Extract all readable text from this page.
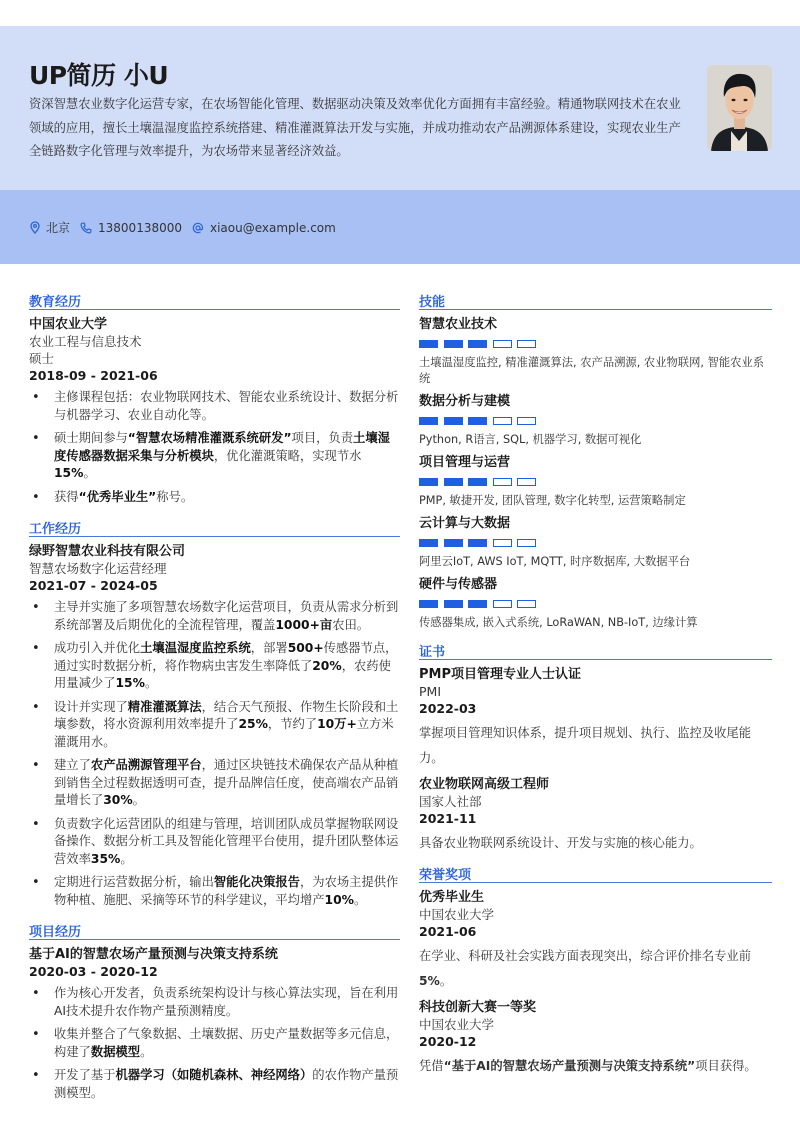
UP简历 小U
资深智慧农业数字化运营专家，在农场智能化管理、数据驱动决策及效率优化方面拥有丰富经验。精通物联网技术在农业领域的应用，擅长土壤温湿度监控系统搭建、精准灌溉算法开发与实施，并成功推动农产品溯源体系建设，实现农业生产全链路数字化管理与效率提升，为农场带来显著经济效益。
北京 13800138000 xiaou@example.com
教育经历
中国农业大学
农业工程与信息技术
硕士
2018-09 - 2021-06
• 主修课程包括：农业物联网技术、智能农业系统设计、数据分析与机器学习、农业自动化等。
• 硕士期间参与“智慧农场精准灌溉系统研发”项目，负责土壤湿度传感器数据采集与分析模块，优化灌溉策略，实现节水15%。
• 获得“优秀毕业生”称号。
工作经历
绿野智慧农业科技有限公司
智慧农场数字化运营经理
2021-07 - 2024-05
• 主导并实施了多项智慧农场数字化运营项目，负责从需求分析到系统部署及后期优化的全流程管理，覆盖1000+亩农田。
• 成功引入并优化土壤温湿度监控系统，部署500+传感器节点，通过实时数据分析，将作物病虫害发生率降低了20%，农药使用量减少了15%。
• 设计并实现了精准灌溉算法，结合天气预报、作物生长阶段和土壤参数，将水资源利用效率提升了25%，节约了10万+立方米灌溉用水。
• 建立了农产品溯源管理平台，通过区块链技术确保农产品从种植到销售全过程数据透明可查，提升品牌信任度，使高端农产品销量增长了30%。
• 负责数字化运营团队的组建与管理，培训团队成员掌握物联网设备操作、数据分析工具及智能化管理平台使用，提升团队整体运营效率35%。
• 定期进行运营数据分析，输出智能化决策报告，为农场主提供作物种植、施肥、采摘等环节的科学建议，平均增产10%。
项目经历
基于AI的智慧农场产量预测与决策支持系统
2020-03 - 2020-12
• 作为核心开发者，负责系统架构设计与核心算法实现，旨在利用AI技术提升农作物产量预测精度。
• 收集并整合了气象数据、土壤数据、历史产量数据等多元信息，构建了数据模型。
• 开发了基于机器学习（如随机森林、神经网络）的农作物产量预测模型。
技能
智慧农业技术
土壤温湿度监控, 精准灌溉算法, 农产品溯源, 农业物联网, 智能农业系统
数据分析与建模
Python, R语言, SQL, 机器学习, 数据可视化
项目管理与运营
PMP, 敏捷开发, 团队管理, 数字化转型, 运营策略制定
云计算与大数据
阿里云IoT, AWS IoT, MQTT, 时序数据库, 大数据平台
硬件与传感器
传感器集成, 嵌入式系统, LoRaWAN, NB-IoT, 边缘计算
证书
PMP项目管理专业人士认证
PMI
2022-03
掌握项目管理知识体系，提升项目规划、执行、监控及收尾能力。
农业物联网高级工程师
国家人社部
2021-11
具备农业物联网系统设计、开发与实施的核心能力。
荣誉奖项
优秀毕业生
中国农业大学
2021-06
在学业、科研及社会实践方面表现突出，综合评价排名专业前5%。
科技创新大赛一等奖
中国农业大学
2020-12
凭借“基于AI的智慧农场产量预测与决策支持系统”项目获得。
